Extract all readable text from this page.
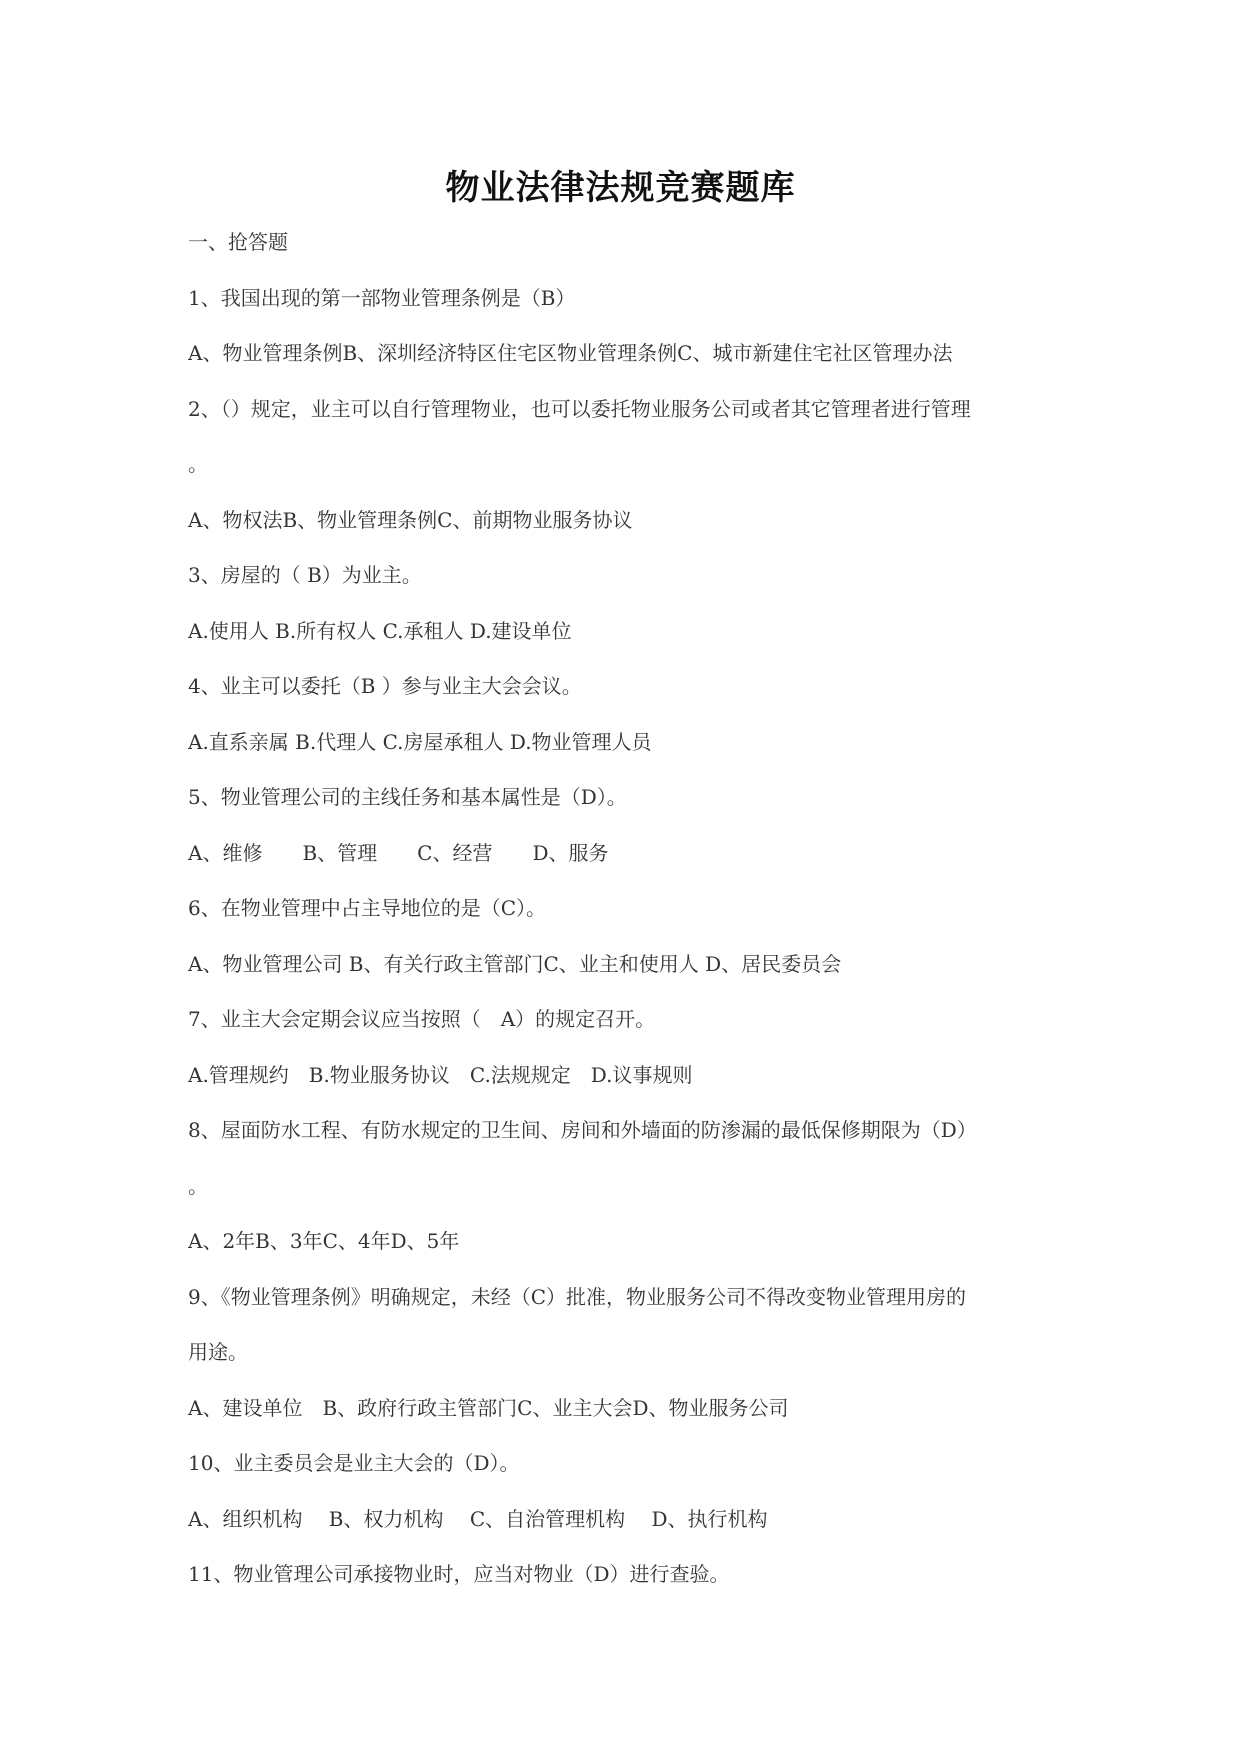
物业法律法规竞赛题库

一、抢答题

1、我国出现的第一部物业管理条例是（B）

A、物业管理条例B、深圳经济特区住宅区物业管理条例C、城市新建住宅社区管理办法

2、（）规定，业主可以自行管理物业，也可以委托物业服务公司或者其它管理者进行管理

。

A、物权法B、物业管理条例C、前期物业服务协议

3、房屋的（ B）为业主。

A.使用人 B.所有权人 C.承租人 D.建设单位

4、业主可以委托（B ）参与业主大会会议。

A.直系亲属 B.代理人 C.房屋承租人 D.物业管理人员

5、物业管理公司的主线任务和基本属性是（D）。

A、维修　　B、管理　　C、经营　　D、服务

6、在物业管理中占主导地位的是（C）。

A、物业管理公司 B、有关行政主管部门C、业主和使用人 D、居民委员会

7、业主大会定期会议应当按照（　A）的规定召开。

A.管理规约　B.物业服务协议　C.法规规定　D.议事规则

8、屋面防水工程、有防水规定的卫生间、房间和外墙面的防渗漏的最低保修期限为（D）

。

A、2年B、3年C、4年D、5年

9、《物业管理条例》明确规定，未经（C）批准，物业服务公司不得改变物业管理用房的

用途。

A、建设单位　B、政府行政主管部门C、业主大会D、物业服务公司

10、业主委员会是业主大会的（D）。

A、组织机构　 B、权力机构　 C、自治管理机构　 D、执行机构

11、物业管理公司承接物业时，应当对物业（D）进行查验。
